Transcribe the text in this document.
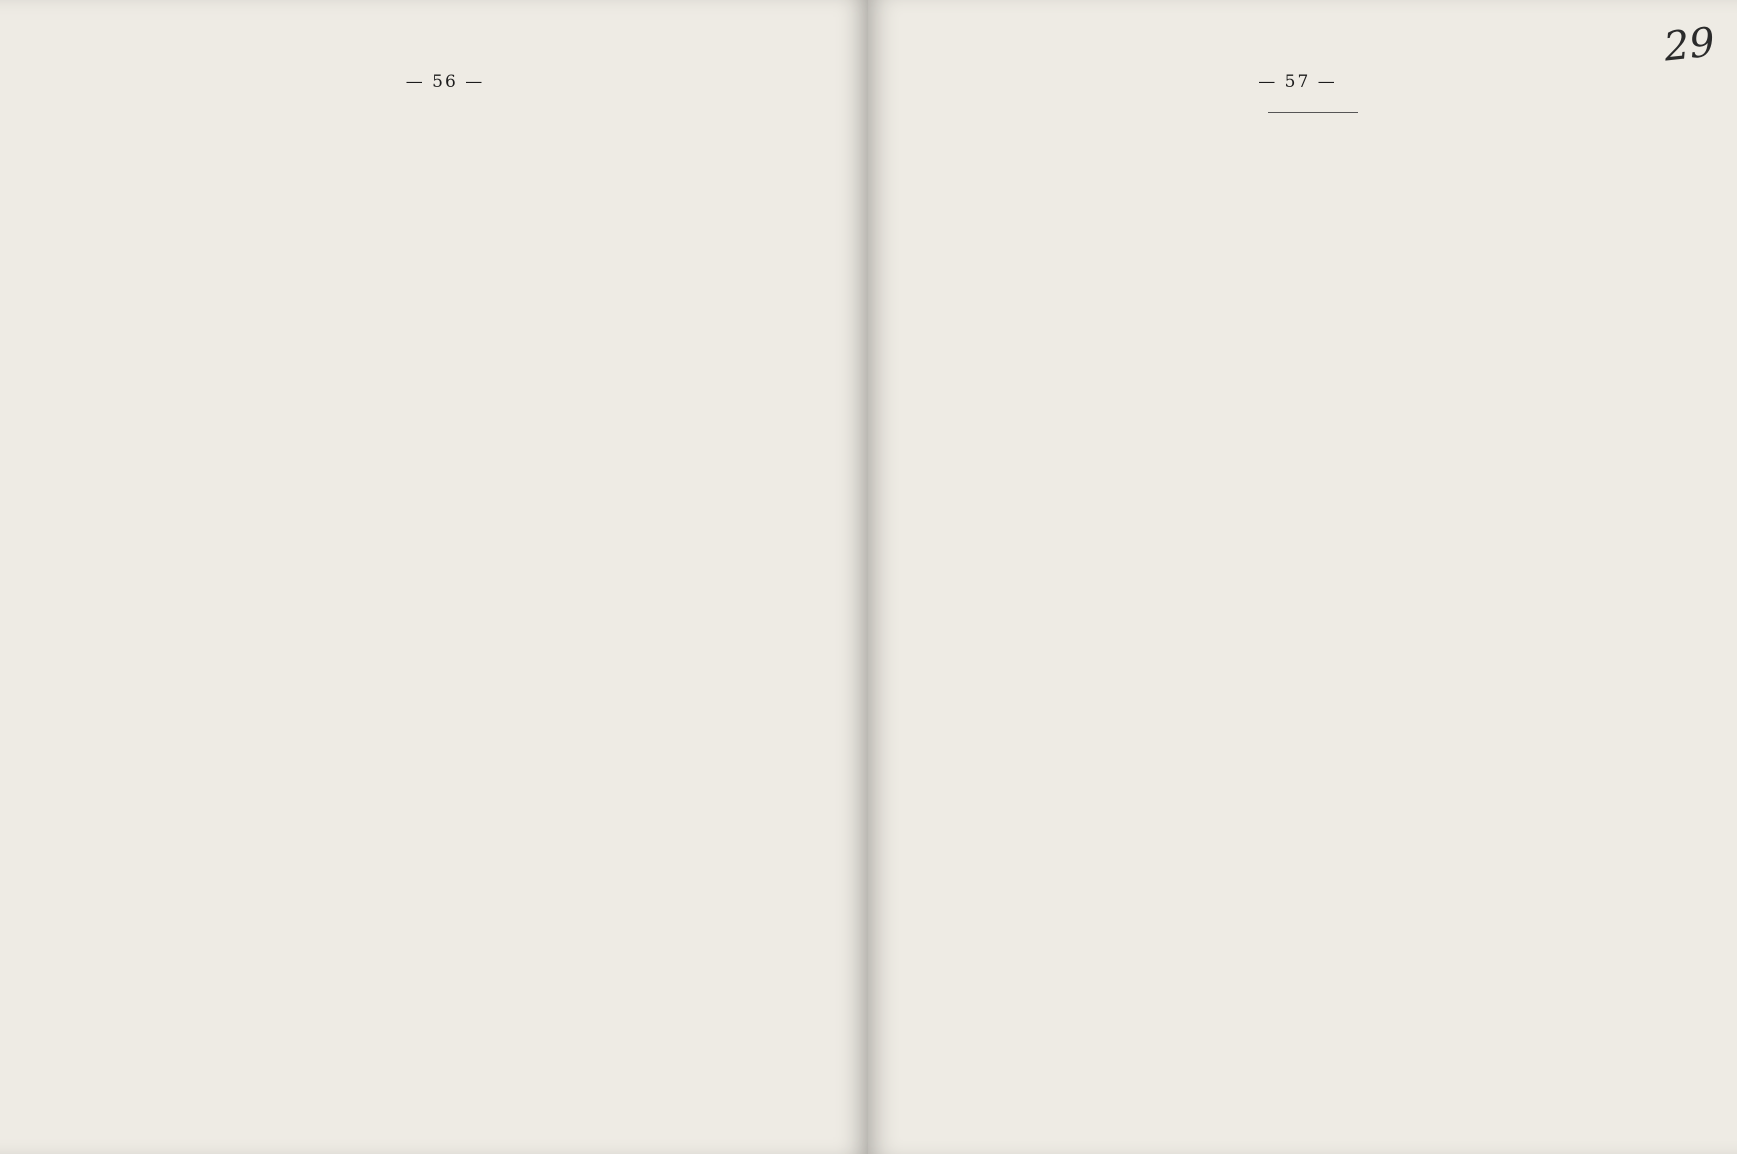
— 56 —
29
— 57 —
